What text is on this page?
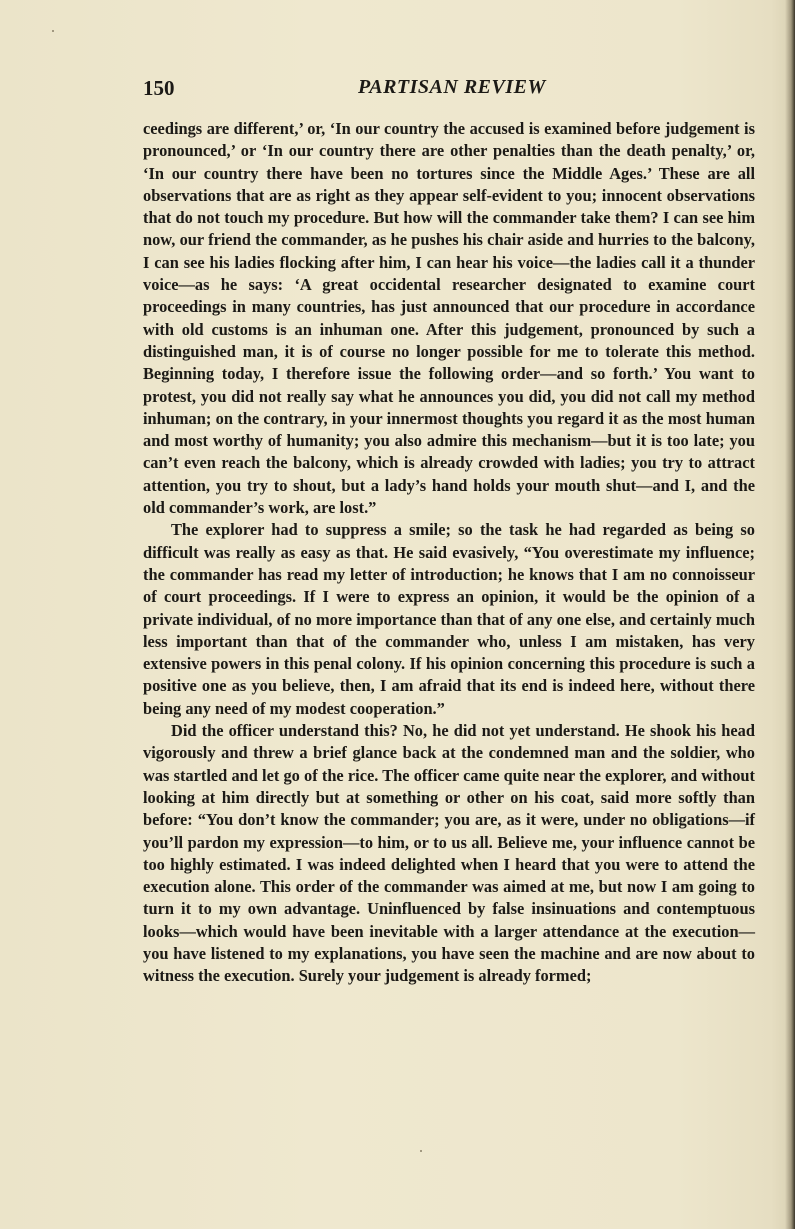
150	PARTISAN REVIEW

ceedings are different,’ or, ‘In our country the accused is examined before judgement is pronounced,’ or ‘In our country there are other penalties than the death penalty,’ or, ‘In our country there have been no tortures since the Middle Ages.’ These are all observations that are as right as they appear self-evident to you; innocent observations that do not touch my procedure. But how will the commander take them? I can see him now, our friend the commander, as he pushes his chair aside and hurries to the balcony, I can see his ladies flocking after him, I can hear his voice—the ladies call it a thunder voice—as he says: ‘A great occidental researcher designated to examine court proceedings in many countries, has just announced that our procedure in accordance with old customs is an inhuman one. After this judgement, pronounced by such a distinguished man, it is of course no longer possible for me to tolerate this method. Beginning today, I therefore issue the following order—and so forth.’ You want to protest, you did not really say what he announces you did, you did not call my method inhuman; on the contrary, in your innermost thoughts you regard it as the most human and most worthy of humanity; you also admire this mechanism—but it is too late; you can’t even reach the balcony, which is already crowded with ladies; you try to attract attention, you try to shout, but a lady’s hand holds your mouth shut—and I, and the old commander’s work, are lost.”

The explorer had to suppress a smile; so the task he had regarded as being so difficult was really as easy as that. He said evasively, “You overestimate my influence; the commander has read my letter of introduction; he knows that I am no connoisseur of court proceedings. If I were to express an opinion, it would be the opinion of a private individual, of no more importance than that of any one else, and certainly much less important than that of the commander who, unless I am mistaken, has very extensive powers in this penal colony. If his opinion concerning this procedure is such a positive one as you believe, then, I am afraid that its end is indeed here, without there being any need of my modest cooperation.”

Did the officer understand this? No, he did not yet understand. He shook his head vigorously and threw a brief glance back at the condemned man and the soldier, who was startled and let go of the rice. The officer came quite near the explorer, and without looking at him directly but at something or other on his coat, said more softly than before: “You don’t know the commander; you are, as it were, under no obligations—if you’ll pardon my expression—to him, or to us all. Believe me, your influence cannot be too highly estimated. I was indeed delighted when I heard that you were to attend the execution alone. This order of the commander was aimed at me, but now I am going to turn it to my own advantage. Uninfluenced by false insinuations and contemptuous looks—which would have been inevitable with a larger attendance at the execution—you have listened to my explanations, you have seen the machine and are now about to witness the execution. Surely your judgement is already formed;
